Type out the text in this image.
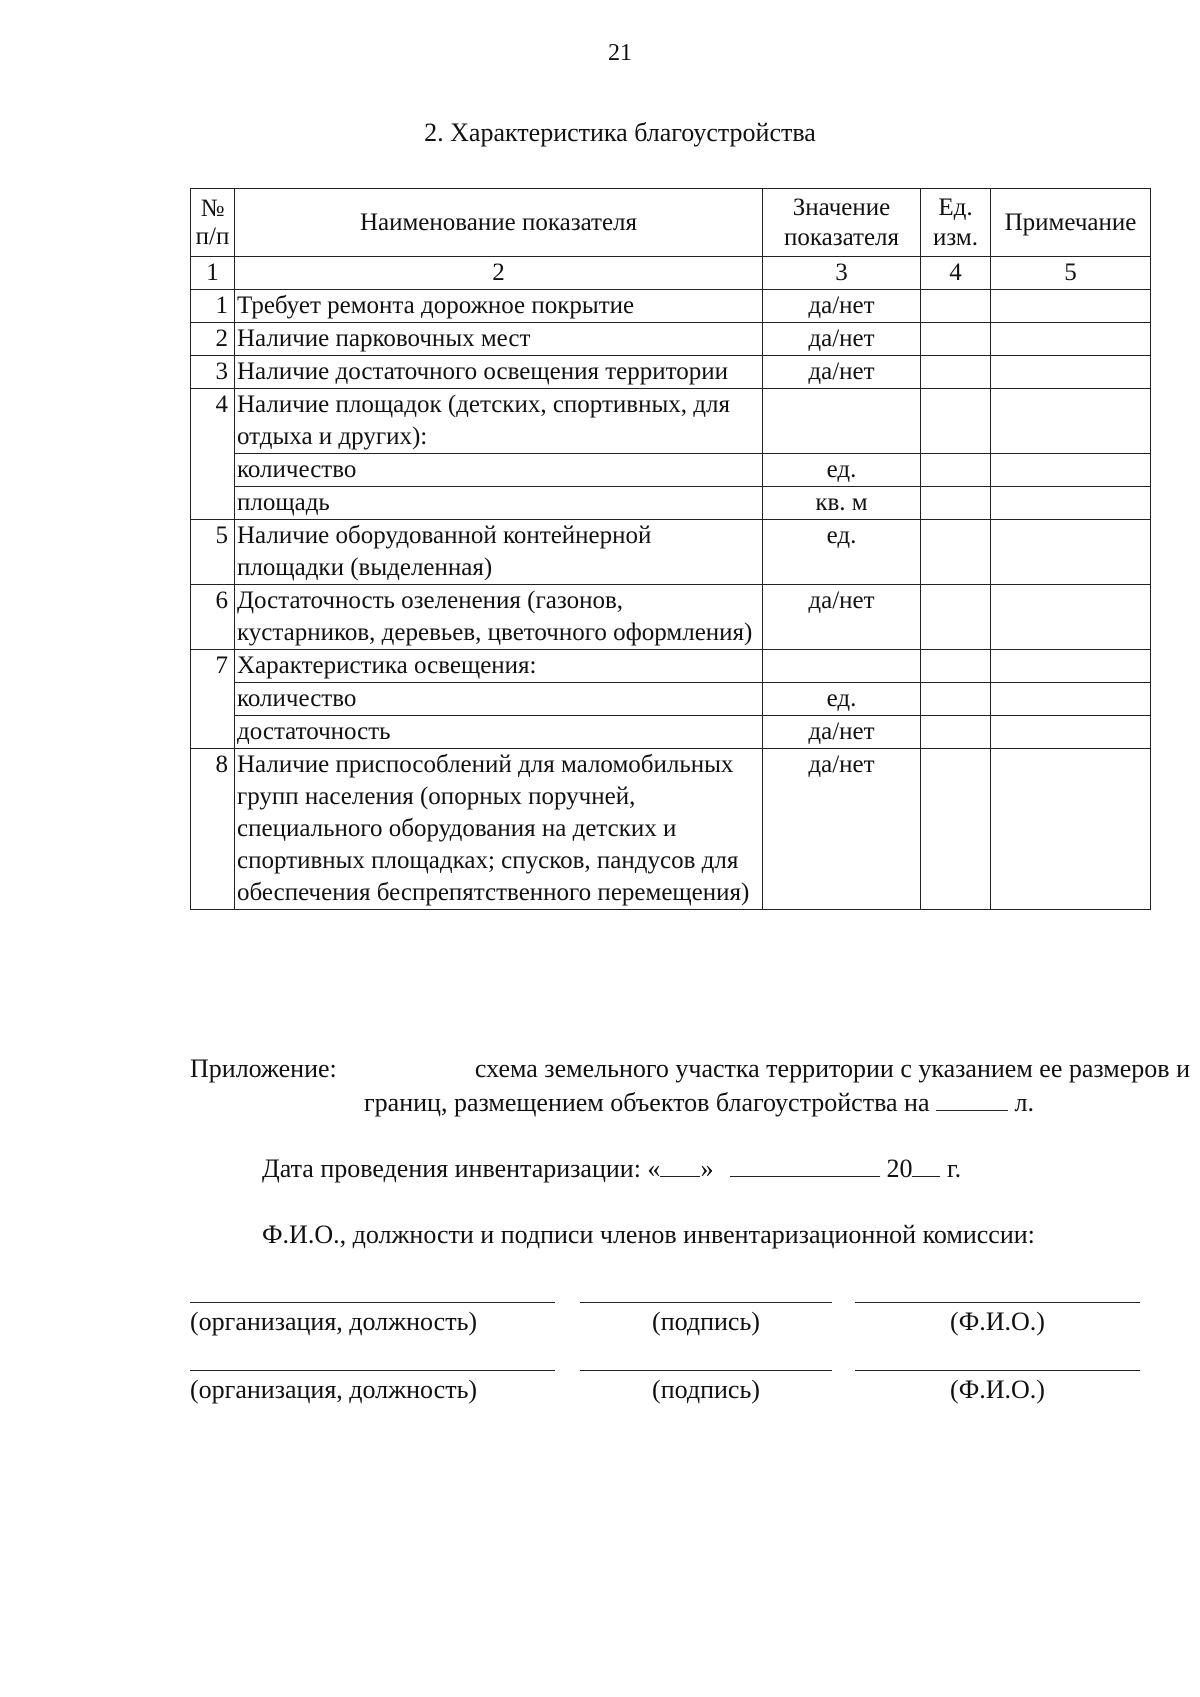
21
2. Характеристика благоустройства
№ п/п	Наименование показателя	Значение показателя	Ед. изм.	Примечание
1	2	3	4	5
1	Требует ремонта дорожное покрытие	да/нет		
2	Наличие парковочных мест	да/нет		
3	Наличие достаточного освещения территории	да/нет		
4	Наличие площадок (детских, спортивных, для отдыха и других):			
	количество	ед.		
	площадь	кв. м		
5	Наличие оборудованной контейнерной площадки (выделенная)	ед.		
6	Достаточность озеленения (газонов, кустарников, деревьев, цветочного оформления)	да/нет		
7	Характеристика освещения:			
	количество	ед.		
	достаточность	да/нет		
8	Наличие приспособлений для маломобильных групп населения (опорных поручней, специального оборудования на детских и спортивных площадках; спусков, пандусов для обеспечения беспрепятственного перемещения)	да/нет		
Приложение:	схема земельного участка территории с указанием ее размеров и
границ, размещением объектов благоустройства на	л.
Дата проведения инвентаризации: « »	20 г.
Ф.И.О., должности и подписи членов инвентаризационной комиссии:
(организация, должность)	(подпись)	(Ф.И.О.)
(организация, должность)	(подпись)	(Ф.И.О.)
